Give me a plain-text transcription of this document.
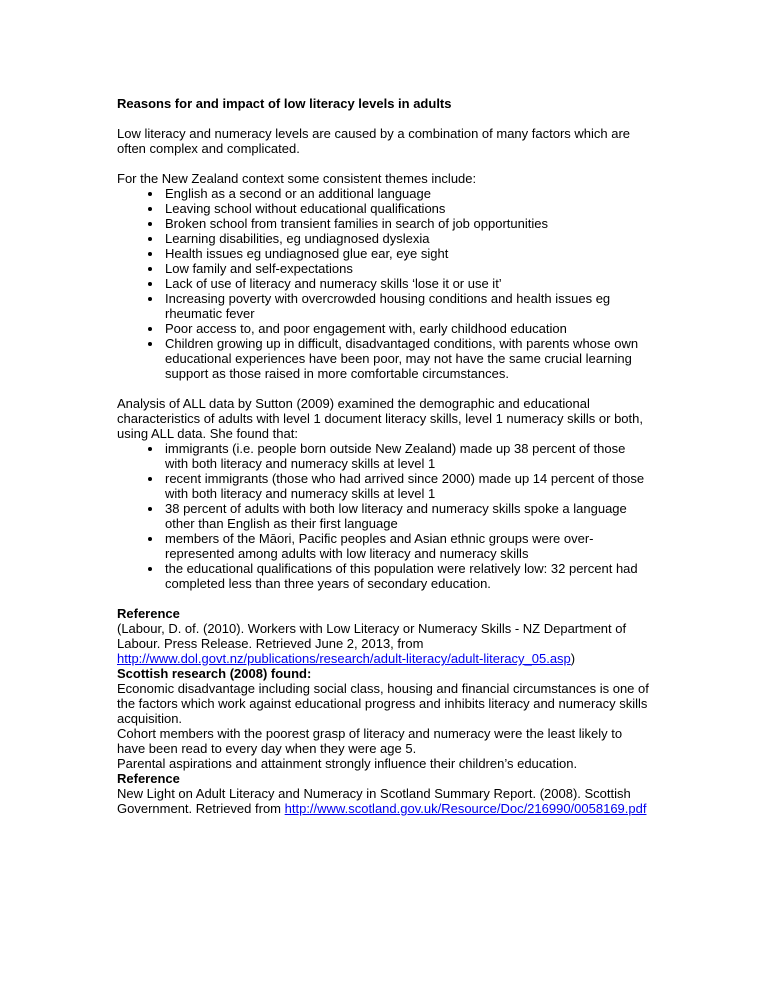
Reasons for and impact of low literacy levels in adults

Low literacy and numeracy levels are caused by a combination of many factors which are often complex and complicated.

For the New Zealand context some consistent themes include:

• English as a second or an additional language
• Leaving school without educational qualifications
• Broken school from transient families in search of job opportunities
• Learning disabilities, eg undiagnosed dyslexia
• Health issues eg undiagnosed glue ear, eye sight
• Low family and self-expectations
• Lack of use of literacy and numeracy skills ‘lose it or use it’
• Increasing poverty with overcrowded housing conditions and health issues eg rheumatic fever
• Poor access to, and poor engagement with, early childhood education
• Children growing up in difficult, disadvantaged conditions, with parents whose own educational experiences have been poor, may not have the same crucial learning support as those raised in more comfortable circumstances.

Analysis of ALL data by Sutton (2009) examined the demographic and educational characteristics of adults with level 1 document literacy skills, level 1 numeracy skills or both, using ALL data. She found that:

• immigrants (i.e. people born outside New Zealand) made up 38 percent of those with both literacy and numeracy skills at level 1
• recent immigrants (those who had arrived since 2000) made up 14 percent of those with both literacy and numeracy skills at level 1
• 38 percent of adults with both low literacy and numeracy skills spoke a language other than English as their first language
• members of the Māori, Pacific peoples and Asian ethnic groups were over-represented among adults with low literacy and numeracy skills
• the educational qualifications of this population were relatively low: 32 percent had completed less than three years of secondary education.

Reference

(Labour, D. of. (2010). Workers with Low Literacy or Numeracy Skills - NZ Department of Labour. Press Release. Retrieved June 2, 2013, from http://www.dol.govt.nz/publications/research/adult-literacy/adult-literacy_05.asp)

Scottish research (2008) found:

Economic disadvantage including social class, housing and financial circumstances is one of the factors which work against educational progress and inhibits literacy and numeracy skills acquisition.

Cohort members with the poorest grasp of literacy and numeracy were the least likely to have been read to every day when they were age 5.

Parental aspirations and attainment strongly influence their children’s education.

Reference

New Light on Adult Literacy and Numeracy in Scotland Summary Report. (2008). Scottish Government. Retrieved from http://www.scotland.gov.uk/Resource/Doc/216990/0058169.pdf
